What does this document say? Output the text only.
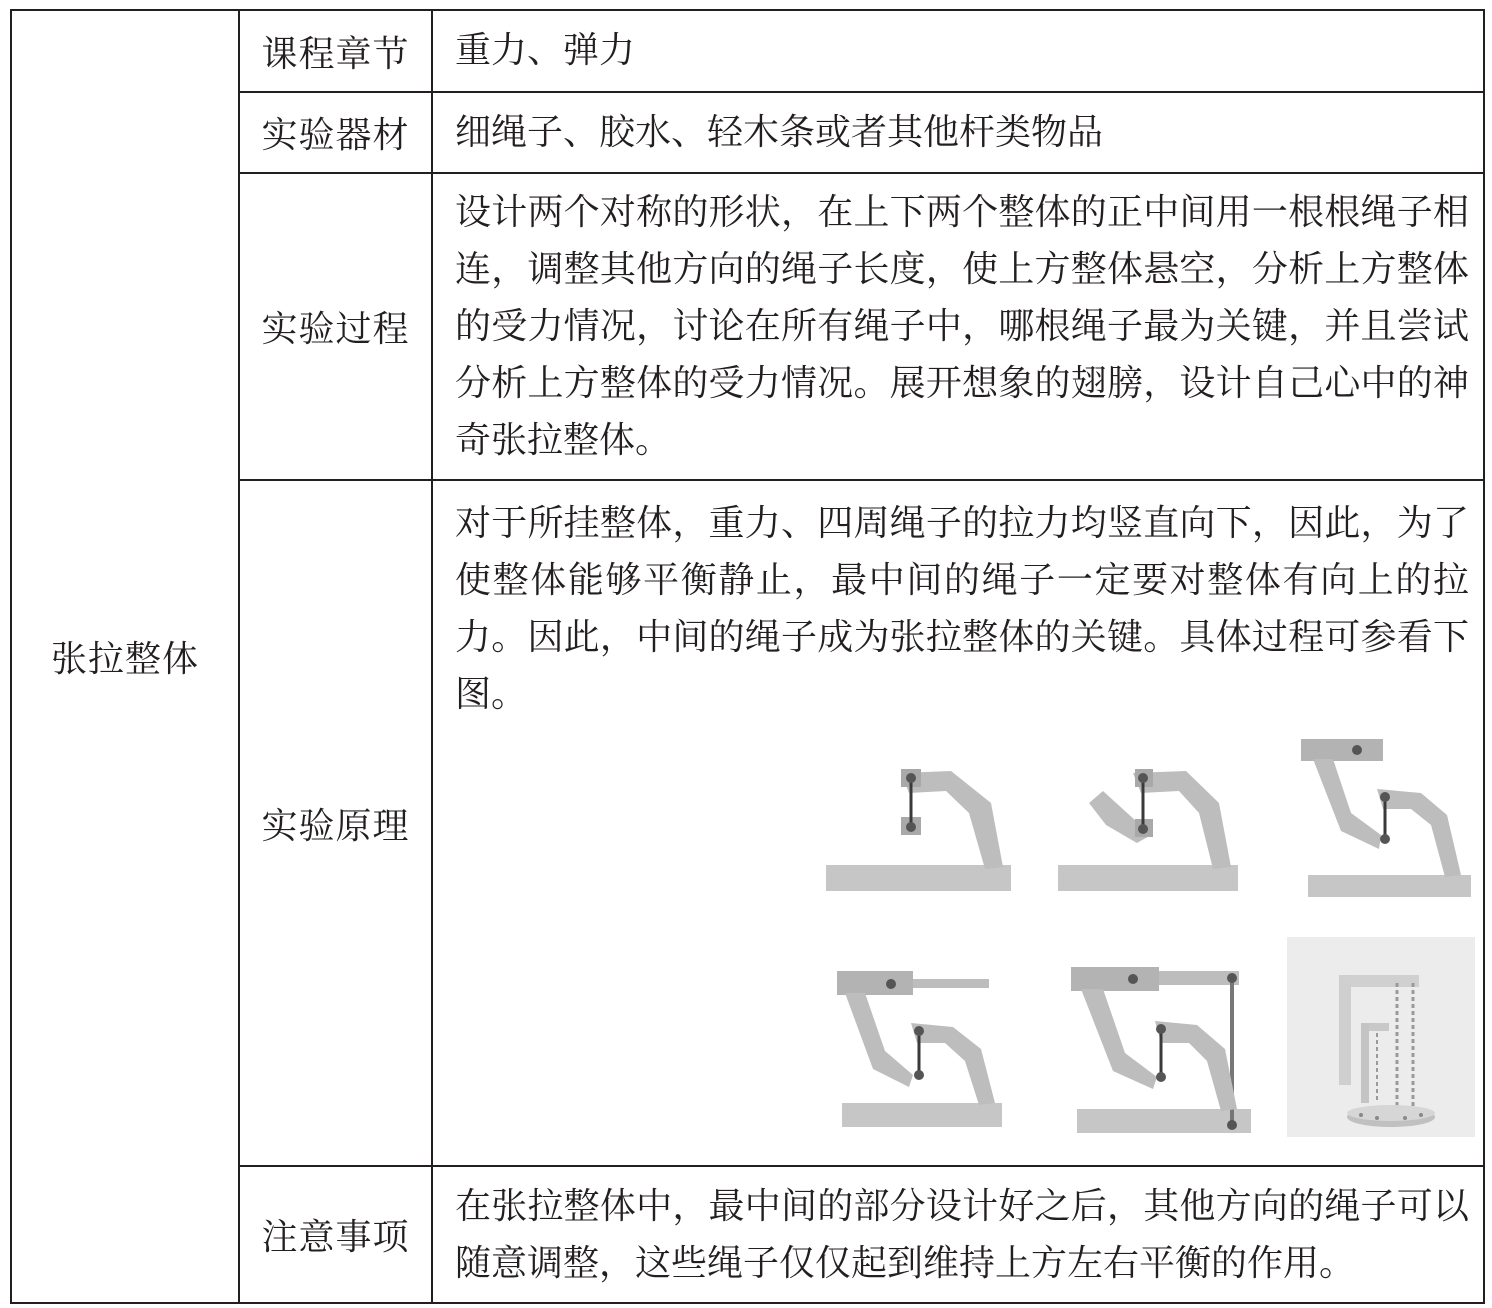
张拉整体	课程章节	重力、弹力
	实验器材	细绳子、胶水、轻木条或者其他杆类物品
	实验过程	设计两个对称的形状，在上下两个整体的正中间用一根根绳子相连，调整其他方向的绳子长度，使上方整体悬空，分析上方整体的受力情况，讨论在所有绳子中，哪根绳子最为关键，并且尝试分析上方整体的受力情况。展开想象的翅膀，设计自己心中的神奇张拉整体。
	实验原理	对于所挂整体，重力、四周绳子的拉力均竖直向下，因此，为了使整体能够平衡静止，最中间的绳子一定要对整体有向上的拉力。因此，中间的绳子成为张拉整体的关键。具体过程可参看下图。

	注意事项	在张拉整体中，最中间的部分设计好之后，其他方向的绳子可以随意调整，这些绳子仅仅起到维持上方左右平衡的作用。
